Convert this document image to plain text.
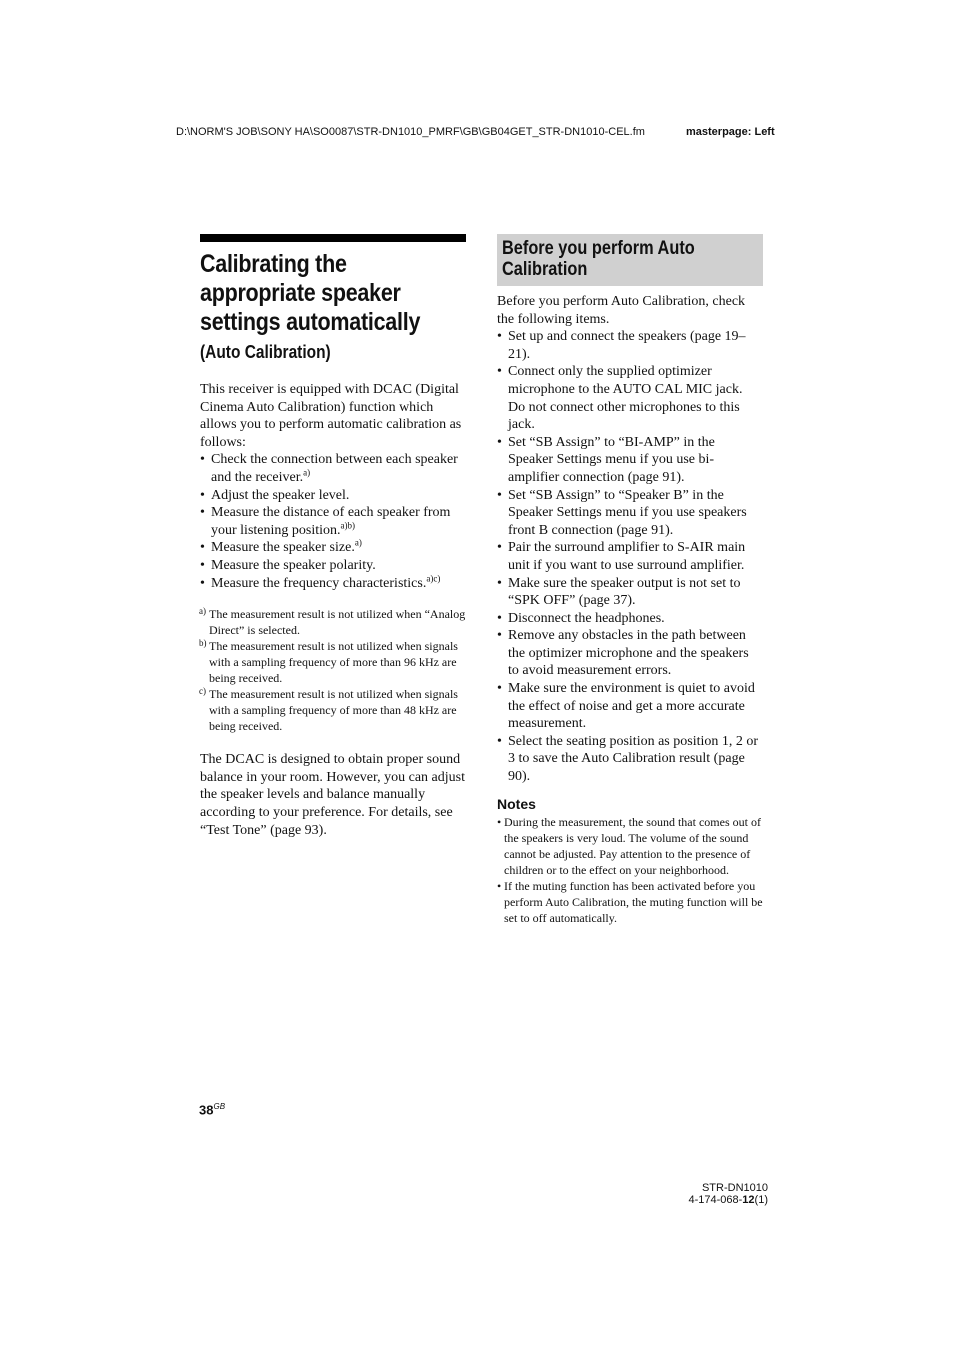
D:\NORM'S JOB\SONY HA\SO0087\STR-DN1010_PMRF\GB\GB04GET_STR-DN1010-CEL.fm	masterpage: Left
Calibrating the appropriate speaker settings automatically
(Auto Calibration)

This receiver is equipped with DCAC (Digital Cinema Auto Calibration) function which allows you to perform automatic calibration as follows:

• Check the connection between each speaker and the receiver.$^{a)}$
• Adjust the speaker level.
• Measure the distance of each speaker from your listening position.$^{a)b)}$
• Measure the speaker size.$^{a)}$
• Measure the speaker polarity.
• Measure the frequency characteristics.$^{a)c)}$
a) The measurement result is not utilized when “Analog Direct” is selected.
b) The measurement result is not utilized when signals with a sampling frequency of more than 96 kHz are being received.
c) The measurement result is not utilized when signals with a sampling frequency of more than 48 kHz are being received.

The DCAC is designed to obtain proper sound balance in your room. However, you can adjust the speaker levels and balance manually according to your preference. For details, see “Test Tone” (page 93).

Before you perform Auto Calibration

Before you perform Auto Calibration, check the following items.

• Set up and connect the speakers (page 19–21).
• Connect only the supplied optimizer microphone to the AUTO CAL MIC jack. Do not connect other microphones to this jack.
• Set “SB Assign” to “BI-AMP” in the Speaker Settings menu if you use bi-amplifier connection (page 91).
• Set “SB Assign” to “Speaker B” in the Speaker Settings menu if you use speakers front B connection (page 91).
• Pair the surround amplifier to S-AIR main unit if you want to use surround amplifier.
• Make sure the speaker output is not set to “SPK OFF” (page 37).
• Disconnect the headphones.
• Remove any obstacles in the path between the optimizer microphone and the speakers to avoid measurement errors.
• Make sure the environment is quiet to avoid the effect of noise and get a more accurate measurement.
• Select the seating position as position 1, 2 or 3 to save the Auto Calibration result (page 90).
Notes
• During the measurement, the sound that comes out of the speakers is very loud. The volume of the sound cannot be adjusted. Pay attention to the presence of children or to the effect on your neighborhood.
• If the muting function has been activated before you perform Auto Calibration, the muting function will be set to off automatically.
$38^{GB}$
STR-DN1010
4-174-068-12(1)
